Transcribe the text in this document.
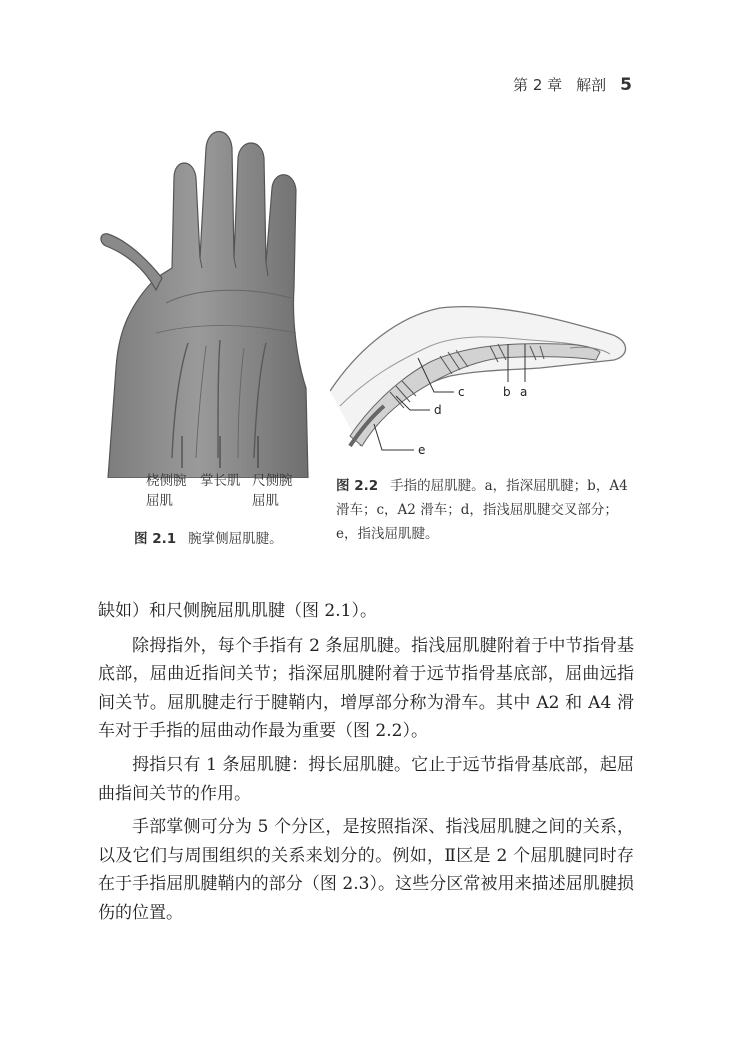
第 2 章 解剖 5
桡侧腕
屈肌
掌长肌 尺侧腕
屈肌
图 2.1 腕掌侧屈肌腱。
a
b
c
d
e
图 2.2 手指的屈肌腱。a，指深屈肌腱；b，A4 滑车；c，A2 滑车；d，指浅屈肌腱交叉部分；e，指浅屈肌腱。

缺如）和尺侧腕屈肌肌腱（图 2.1）。

除拇指外，每个手指有 2 条屈肌腱。指浅屈肌腱附着于中节指骨基底部，屈曲近指间关节；指深屈肌腱附着于远节指骨基底部，屈曲远指间关节。屈肌腱走行于腱鞘内，增厚部分称为滑车。其中 A2 和 A4 滑车对于手指的屈曲动作最为重要（图 2.2）。

拇指只有 1 条屈肌腱：拇长屈肌腱。它止于远节指骨基底部，起屈曲指间关节的作用。

手部掌侧可分为 5 个分区，是按照指深、指浅屈肌腱之间的关系，以及它们与周围组织的关系来划分的。例如，Ⅱ区是 2 个屈肌腱同时存在于手指屈肌腱鞘内的部分（图 2.3）。这些分区常被用来描述屈肌腱损伤的位置。
